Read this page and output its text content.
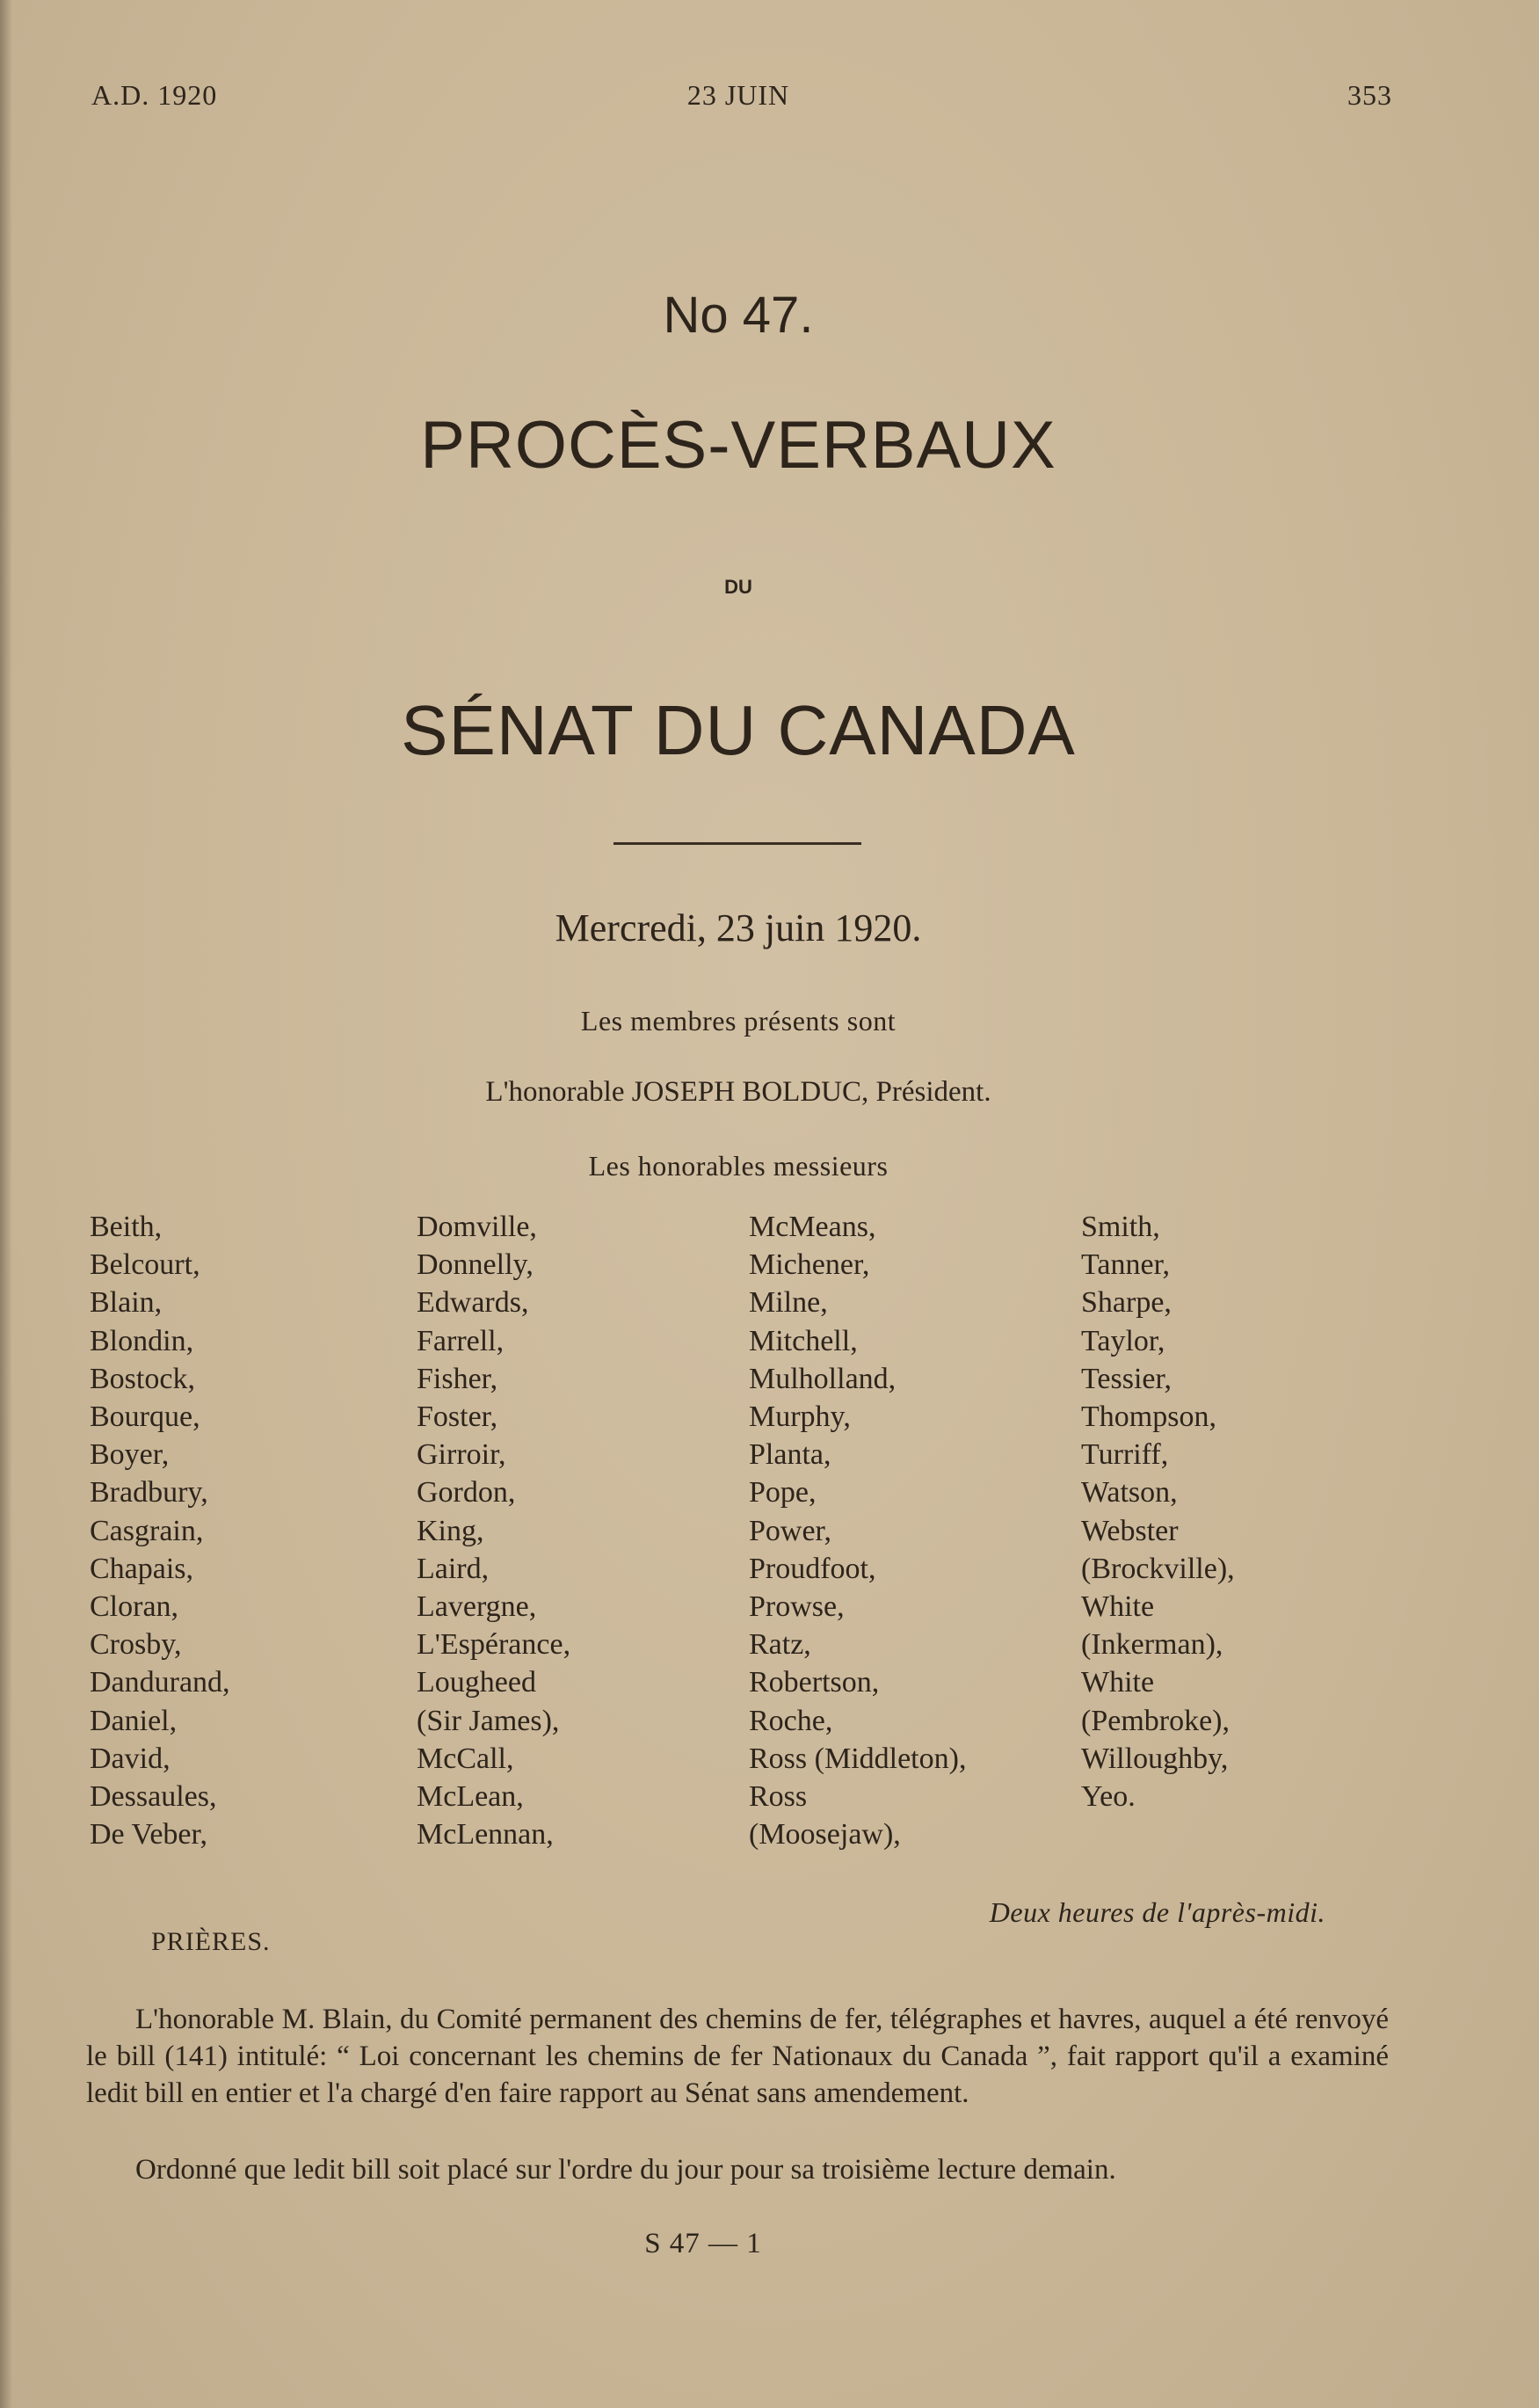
A.D. 1920	23 JUIN	353
No 47.
PROCÈS-VERBAUX
DU
SÉNAT DU CANADA
Mercredi, 23 juin 1920.
Les membres présents sont
L'honorable JOSEPH BOLDUC, Président.
Les honorables messieurs
Beith,
Belcourt,
Blain,
Blondin,
Bostock,
Bourque,
Boyer,
Bradbury,
Casgrain,
Chapais,
Cloran,
Crosby,
Dandurand,
Daniel,
David,
Dessaules,
De Veber,
Domville,
Donnelly,
Edwards,
Farrell,
Fisher,
Foster,
Girroir,
Gordon,
King,
Laird,
Lavergne,
L'Espérance,
Lougheed
(Sir James),
McCall,
McLean,
McLennan,
McMeans,
Michener,
Milne,
Mitchell,
Mulholland,
Murphy,
Planta,
Pope,
Power,
Proudfoot,
Prowse,
Ratz,
Robertson,
Roche,
Ross (Middleton),
Ross
(Moosejaw),
Smith,
Tanner,
Sharpe,
Taylor,
Tessier,
Thompson,
Turriff,
Watson,
Webster
(Brockville),
White
(Inkerman),
White
(Pembroke),
Willoughby,
Yeo.
Deux heures de l'après-midi.
PRIÈRES.
L'honorable M. Blain, du Comité permanent des chemins de fer, télégraphes et havres, auquel a été renvoyé le bill (141) intitulé: “ Loi concernant les chemins de fer Nationaux du Canada ”, fait rapport qu'il a examiné ledit bill en entier et l'a chargé d'en faire rapport au Sénat sans amendement.
Ordonné que ledit bill soit placé sur l'ordre du jour pour sa troisième lecture demain.
S 47 — 1
